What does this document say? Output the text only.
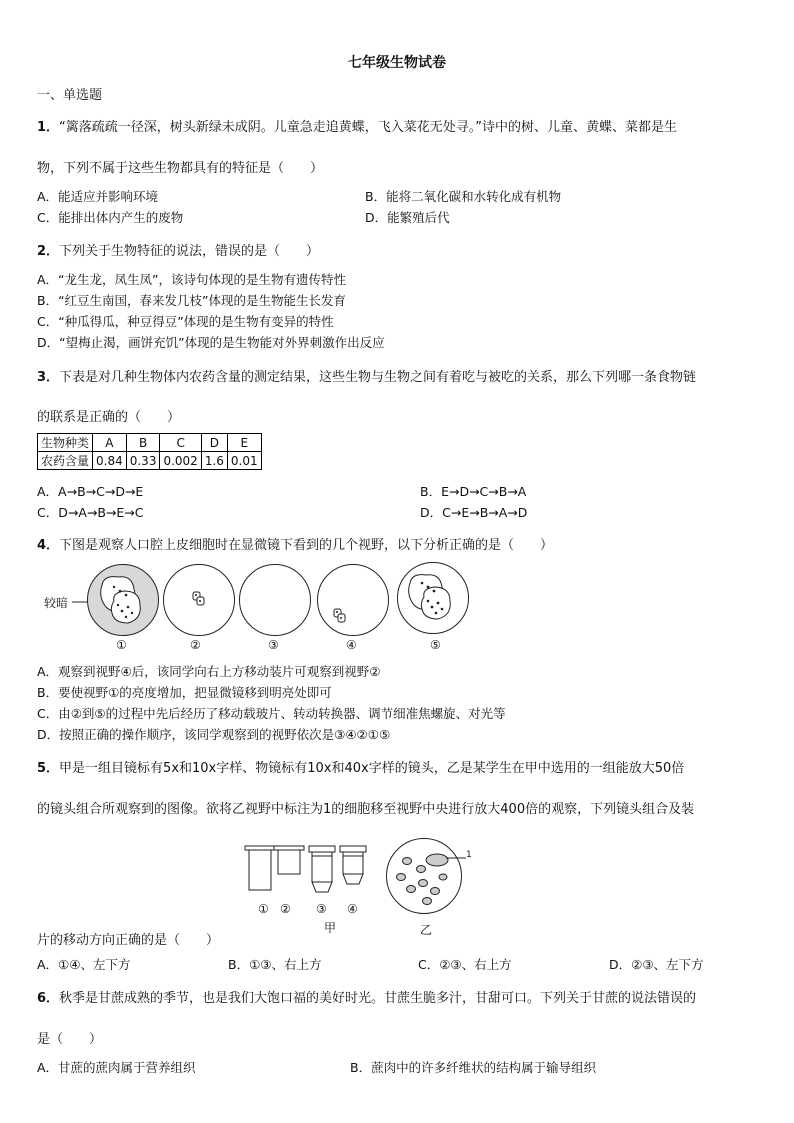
七年级生物试卷
一、单选题
1．“篱落疏疏一径深，树头新绿未成阴。儿童急走追黄蝶，飞入菜花无处寻。”诗中的树、儿童、黄蝶、菜都是生
物，下列不属于这些生物都具有的特征是（　　）
A．能适应并影响环境	B．能将二氧化碳和水转化成有机物
C．能排出体内产生的废物	D．能繁殖后代
2．下列关于生物特征的说法，错误的是（　　）
A．“龙生龙，凤生凤”，该诗句体现的是生物有遗传特性
B．“红豆生南国，春来发几枝”体现的是生物能生长发育
C．“种瓜得瓜，种豆得豆”体现的是生物有变异的特性
D．“望梅止渴，画饼充饥”体现的是生物能对外界刺激作出反应
3．下表是对几种生物体内农药含量的测定结果，这些生物与生物之间有着吃与被吃的关系，那么下列哪一条食物链
的联系是正确的（　　）
生物种类	A	B	C	D	E
农药含量	0.84	0.33	0.002	1.6	0.01
A．A→B→C→D→E	B．E→D→C→B→A
C．D→A→B→E→C	D．C→E→B→A→D
4．下图是观察人口腔上皮细胞时在显微镜下看到的几个视野，以下分析正确的是（　　）
较暗
①	②	③	④	⑤
A．观察到视野④后，该同学向右上方移动装片可观察到视野②
B．要使视野①的亮度增加，把显微镜移到明亮处即可
C．由②到⑤的过程中先后经历了移动载玻片、转动转换器、调节细准焦螺旋、对光等
D．按照正确的操作顺序，该同学观察到的视野依次是③④②①⑤
5．甲是一组目镜标有5x和10x字样、物镜标有10x和40x字样的镜头，乙是某学生在甲中选用的一组能放大50倍
的镜头组合所观察到的图像。欲将乙视野中标注为1的细胞移至视野中央进行放大400倍的观察，下列镜头组合及装
① ② ③ ④
甲
1
乙
片的移动方向正确的是（　　）
A．①④、左下方	B．①③、右上方	C．②③、右上方	D．②③、左下方
6．秋季是甘蔗成熟的季节，也是我们大饱口福的美好时光。甘蔗生脆多汁，甘甜可口。下列关于甘蔗的说法错误的
是（　　）
A．甘蔗的蔗肉属于营养组织	B．蔗肉中的许多纤维状的结构属于输导组织
